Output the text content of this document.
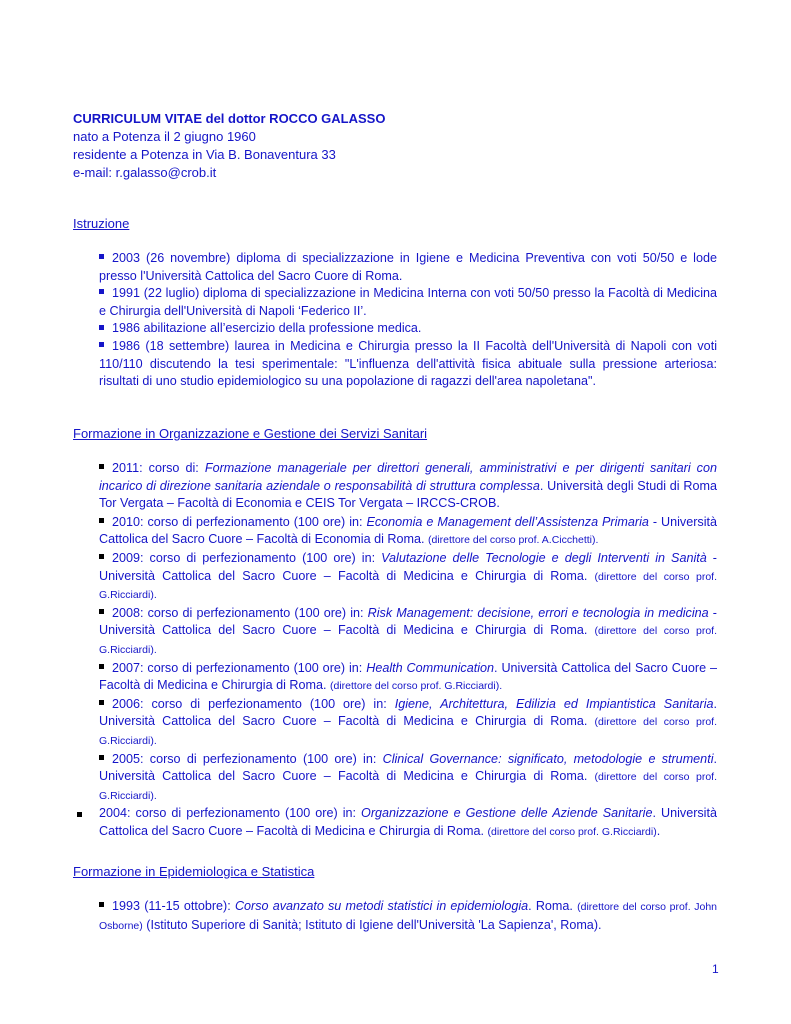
CURRICULUM VITAE del dottor ROCCO GALASSO
nato a Potenza il 2 giugno 1960
residente a Potenza in Via B. Bonaventura 33
e-mail: r.galasso@crob.it
Istruzione

2003 (26 novembre) diploma di specializzazione in Igiene e Medicina Preventiva con voti 50/50 e lode presso l'Università Cattolica del Sacro Cuore di Roma.

1991 (22 luglio) diploma di specializzazione in Medicina Interna con voti 50/50 presso la Facoltà di Medicina e Chirurgia dell'Università di Napoli ‘Federico II’.

1986 abilitazione all’esercizio della professione medica.

1986 (18 settembre) laurea in Medicina e Chirurgia presso la II Facoltà dell'Università di Napoli con voti 110/110 discutendo la tesi sperimentale: "L'influenza dell'attività fisica abituale sulla pressione arteriosa: risultati di uno studio epidemiologico su una popolazione di ragazzi dell'area napoletana".

Formazione in Organizzazione e Gestione dei Servizi Sanitari

2011: corso di: Formazione manageriale per direttori generali, amministrativi e per dirigenti sanitari con incarico di direzione sanitaria aziendale o responsabilità di struttura complessa. Università degli Studi di Roma Tor Vergata – Facoltà di Economia e CEIS Tor Vergata – IRCCS-CROB.

2010: corso di perfezionamento (100 ore) in: Economia e Management dell’Assistenza Primaria - Università Cattolica del Sacro Cuore – Facoltà di Economia di Roma. (direttore del corso prof. A.Cicchetti).

2009: corso di perfezionamento (100 ore) in: Valutazione delle Tecnologie e degli Interventi in Sanità - Università Cattolica del Sacro Cuore – Facoltà di Medicina e Chirurgia di Roma. (direttore del corso prof. G.Ricciardi).

2008: corso di perfezionamento (100 ore) in: Risk Management: decisione, errori e tecnologia in medicina - Università Cattolica del Sacro Cuore – Facoltà di Medicina e Chirurgia di Roma. (direttore del corso prof. G.Ricciardi).

2007: corso di perfezionamento (100 ore) in: Health Communication. Università Cattolica del Sacro Cuore – Facoltà di Medicina e Chirurgia di Roma. (direttore del corso prof. G.Ricciardi).

2006: corso di perfezionamento (100 ore) in: Igiene, Architettura, Edilizia ed Impiantistica Sanitaria. Università Cattolica del Sacro Cuore – Facoltà di Medicina e Chirurgia di Roma. (direttore del corso prof. G.Ricciardi).

2005: corso di perfezionamento (100 ore) in: Clinical Governance: significato, metodologie e strumenti. Università Cattolica del Sacro Cuore – Facoltà di Medicina e Chirurgia di Roma. (direttore del corso prof. G.Ricciardi).

2004: corso di perfezionamento (100 ore) in: Organizzazione e Gestione delle Aziende Sanitarie. Università Cattolica del Sacro Cuore – Facoltà di Medicina e Chirurgia di Roma. (direttore del corso prof. G.Ricciardi).

Formazione in Epidemiologica e Statistica

1993 (11-15 ottobre): Corso avanzato su metodi statistici in epidemiologia. Roma. (direttore del corso prof. John Osborne) (Istituto Superiore di Sanità; Istituto di Igiene dell'Università 'La Sapienza', Roma).

1
